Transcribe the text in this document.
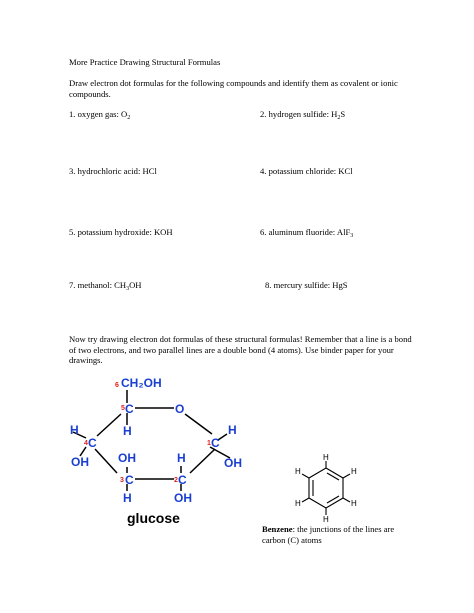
More Practice Drawing Structural Formulas
Draw electron dot formulas for the following compounds and identify them as covalent or ionic compounds.
1. oxygen gas: $O_2$	2. hydrogen sulfide: $H_2S$
3. hydrochloric acid: HCl	4. potassium chloride: KCl
5. potassium hydroxide: KOH	6. aluminum fluoride: AlF$_3$
7. methanol: $CH_3OH$	8. mercury sulfide: HgS
Now try drawing electron dot formulas of these structural formulas! Remember that a line is a bond of two electrons, and two parallel lines are a double bond (4 atoms). Use binder paper for your drawings.
6 CH₂OH
5 C	O
H
H
4 C	1 C
H
OH OH	H	OH
3 C	2 C
H	OH
glucose
H
H
H
H
H
H
Benzene: the junctions of the lines are carbon (C) atoms
